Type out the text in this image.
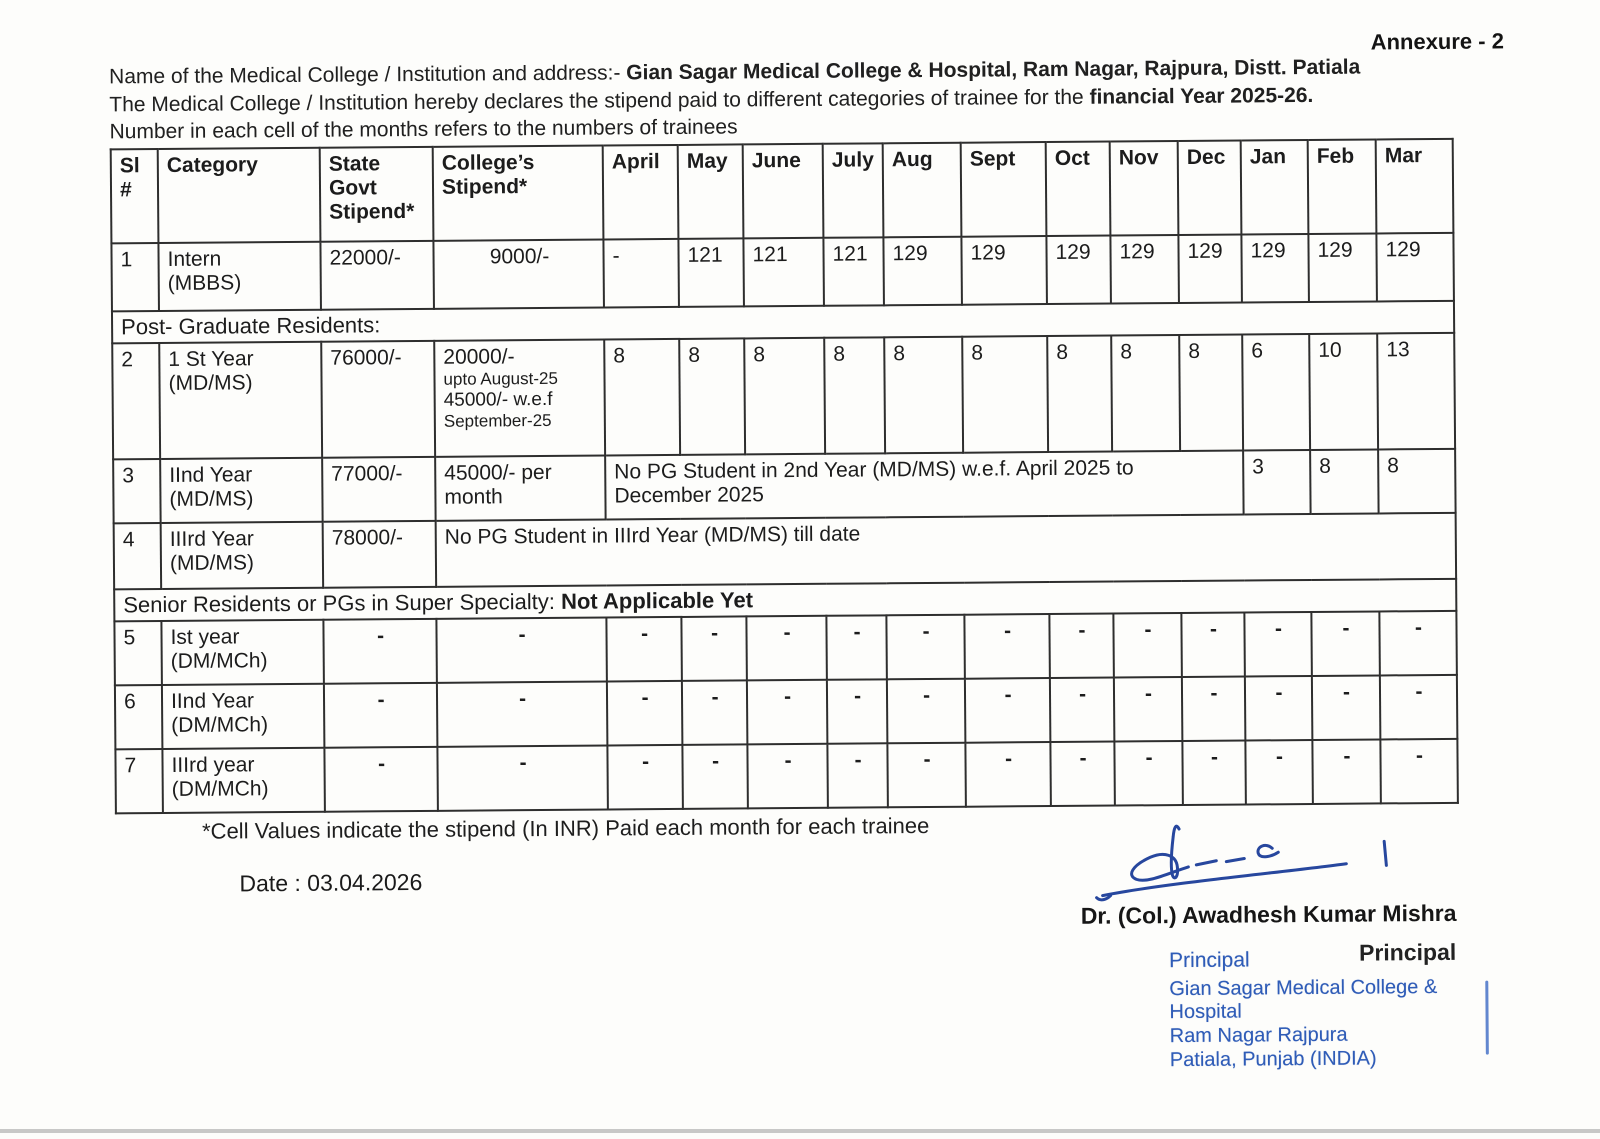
Annexure - 2
Name of the Medical College / Institution and address:- Gian Sagar Medical College & Hospital, Ram Nagar, Rajpura, Distt. Patiala
The Medical College / Institution hereby declares the stipend paid to different categories of trainee for the financial Year 2025-26.
Number in each cell of the months refers to the numbers of trainees
Sl
#	Category	State
Govt
Stipend*	College’s
Stipend*	April	May	June	July	Aug	Sept	Oct	Nov	Dec	Jan	Feb	Mar
1	Intern
(MBBS)	22000/-	9000/-	-	121	121	121	129	129	129	129	129	129	129	129
Post- Graduate Residents:															
2	1 St Year
(MD/MS)	76000/-	20000/-
upto August-25
45000/- w.e.f
September-25
	8	8	8	8	8	8	8	8	8	6	10	13
3	IInd Year
(MD/MS)	77000/-	45000/- per
month	No PG Student in 2nd Year (MD/MS) w.e.f. April 2025 to December 2025									3	8	8
4	IIIrd Year
(MD/MS)	78000/-	No PG Student in IIIrd Year (MD/MS) till date												
Senior Residents or PGs in Super Specialty: Not Applicable Yet															
5	Ist year
(DM/MCh)	-	-	-	-	-	-	-	-	-	-	-	-	-	-
6	IInd Year
(DM/MCh)	-	-	-	-	-	-	-	-	-	-	-	-	-	-
7	IIIrd year
(DM/MCh)	-	-	-	-	-	-	-	-	-	-	-	-	-	-
*Cell Values indicate the stipend (In INR) Paid each month for each trainee
Date : 03.04.2026
Dr. (Col.) Awadhesh Kumar Mishra
Principal
Principal
Gian Sagar Medical College & Hospital
Ram Nagar Rajpura
Patiala, Punjab (INDIA)
